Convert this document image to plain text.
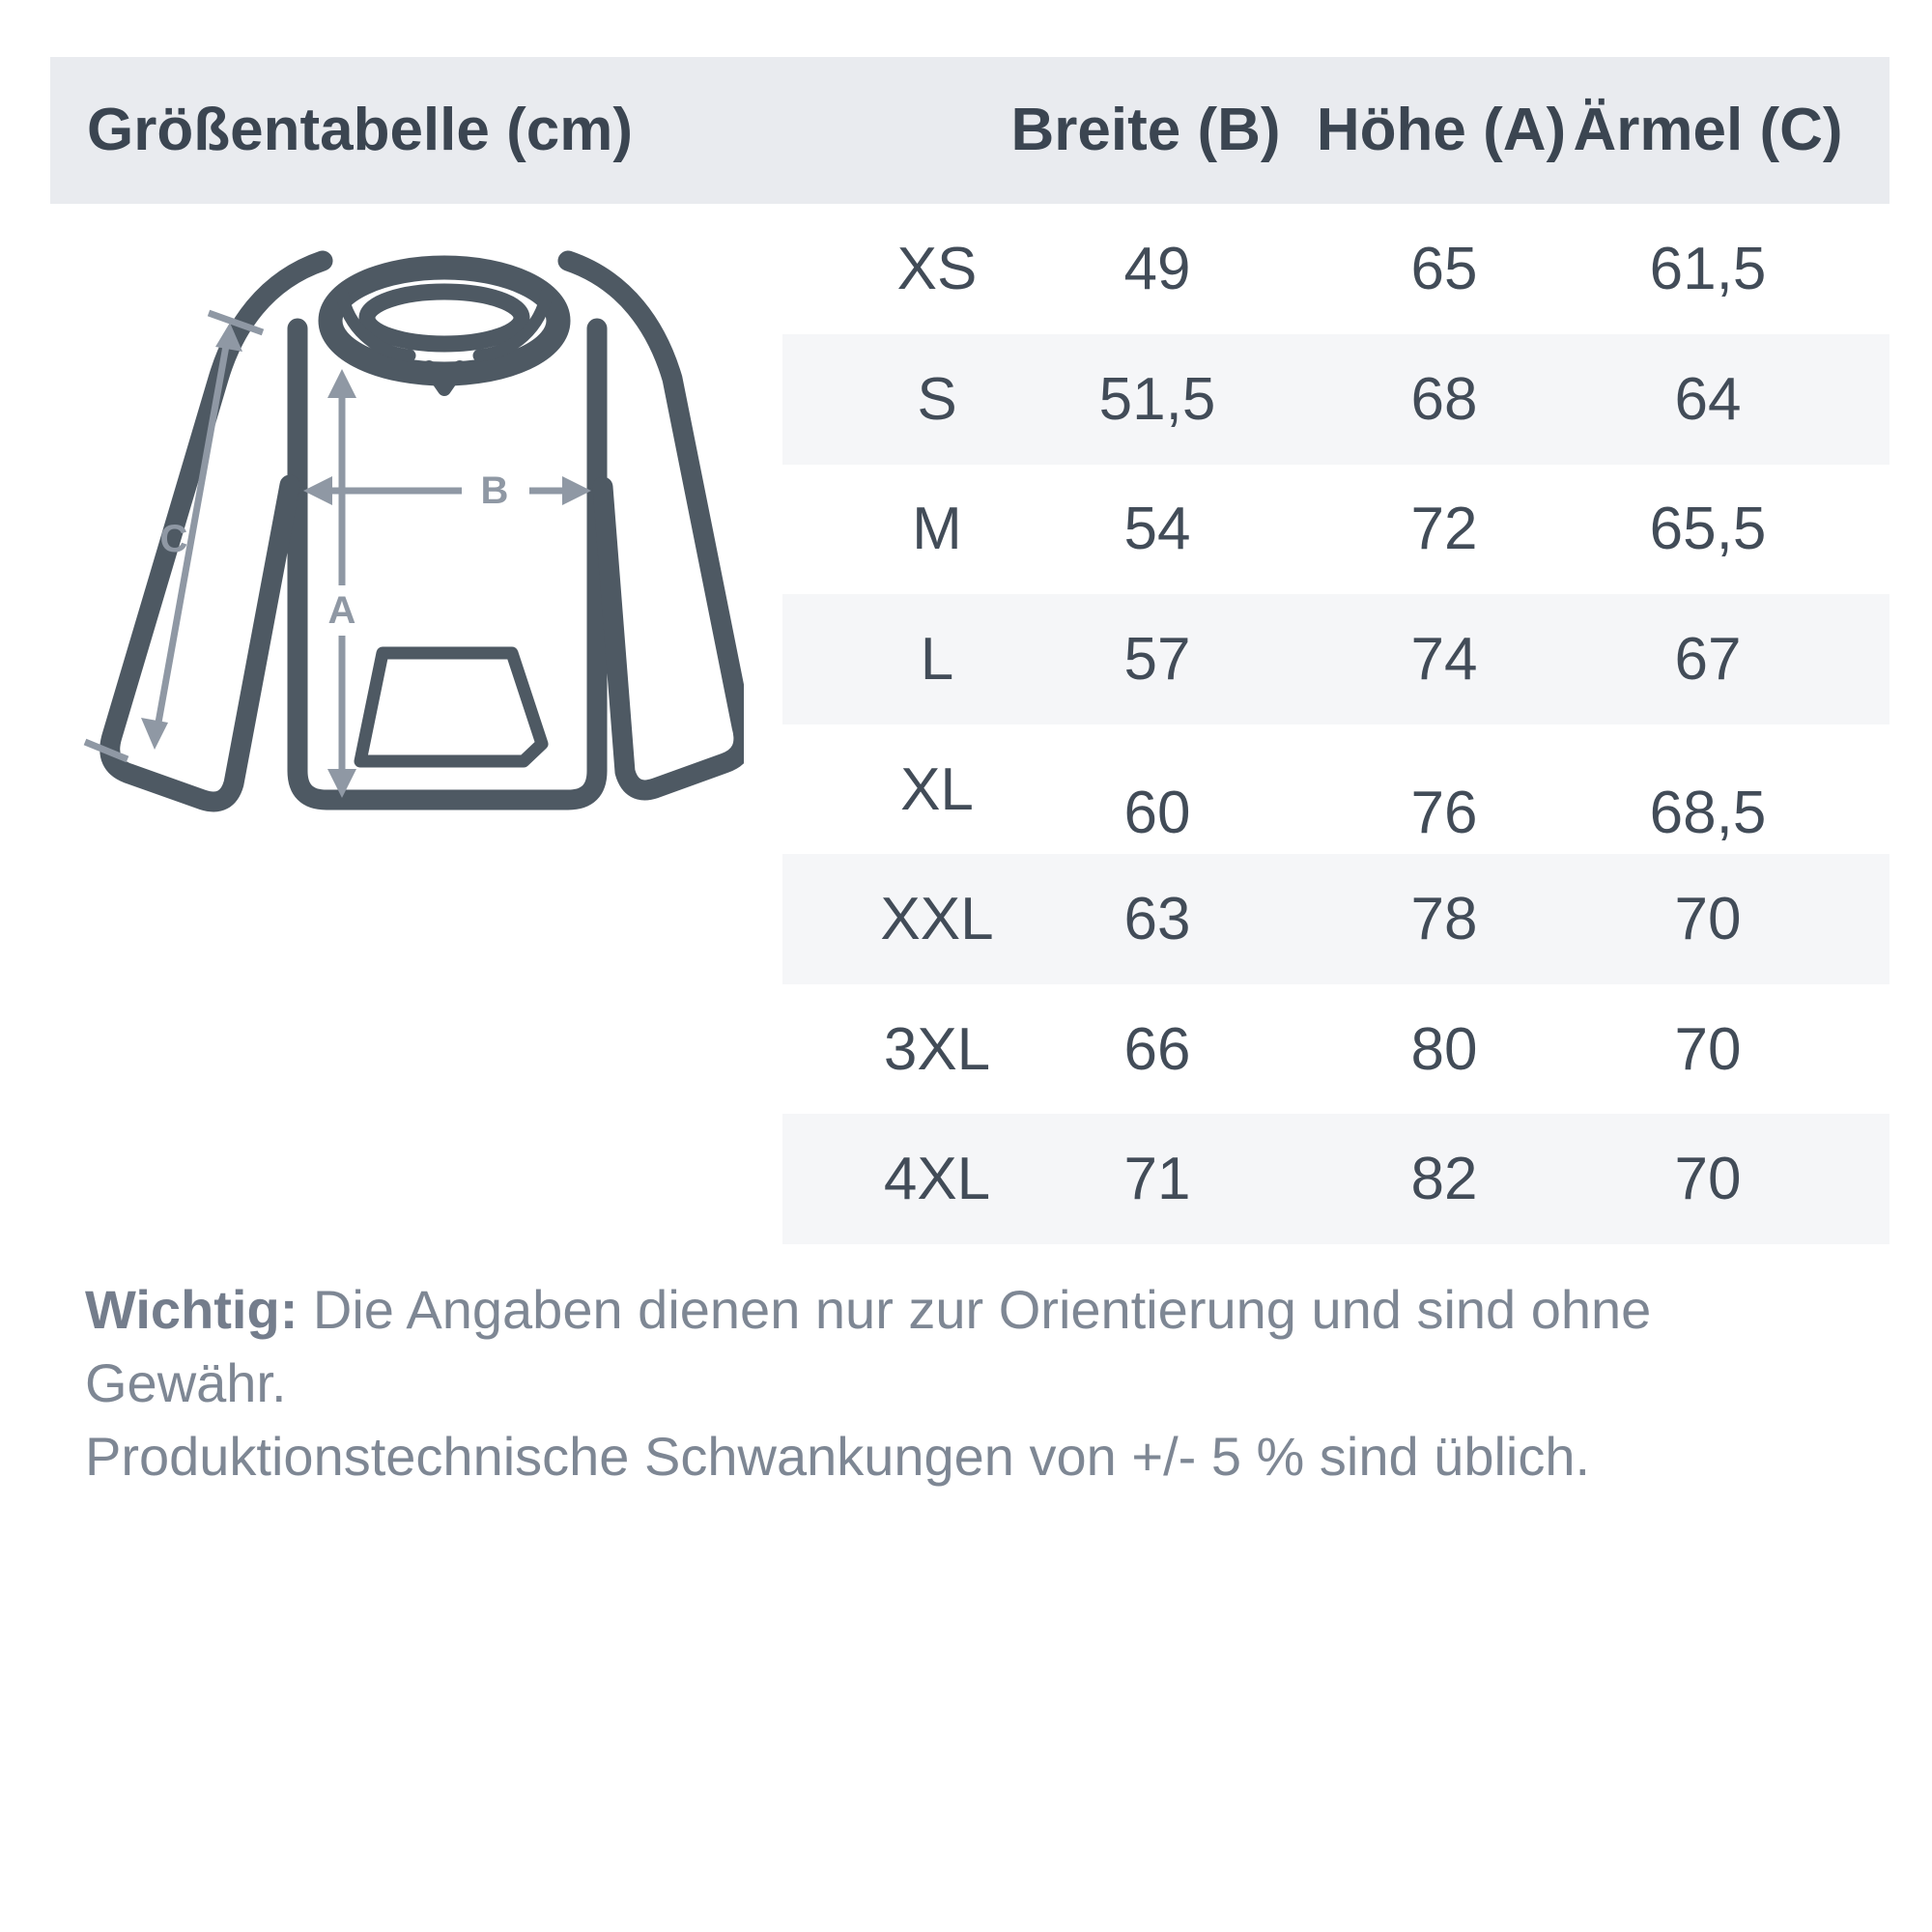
Größentabelle (cm)	Breite (B) Höhe (A) Ärmel (C)
A
B
C
XS 49	65	61,5
S 51,5	68	64
M	54	72	65,5
L	57	74	67
XL	60	76	68,5
XXL 63	78	70
3XL 66	80	70
4XL 71	82	70
Wichtig: Die Angaben dienen nur zur Orientierung und sind ohne Gewähr.
Produktionstechnische Schwankungen von +/- 5 % sind üblich.
